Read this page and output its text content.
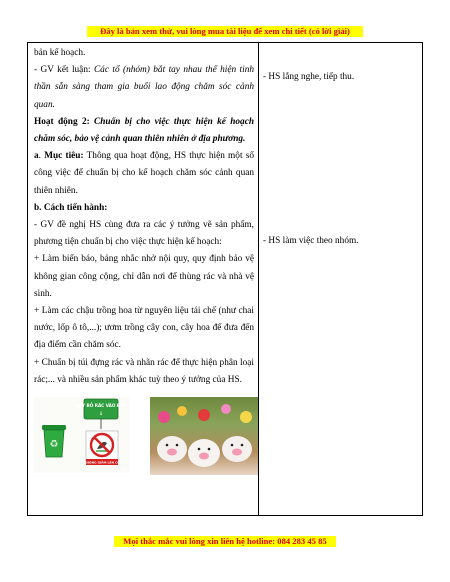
Đây là bản xem thử, vui lòng mua tài liệu để xem chi tiết (có lời giải)

bản kế hoạch.

- GV kết luận: Các tổ (nhóm) bắt tay nhau thể hiện tinh thần sẵn sàng tham gia buổi lao động chăm sóc cảnh quan.

Hoạt động 2: Chuẩn bị cho việc thực hiện kế hoạch chăm sóc, bảo vệ cảnh quan thiên nhiên ở địa phương.

a. Mục tiêu: Thông qua hoạt động, HS thực hiện một số công việc để chuẩn bị cho kế hoạch chăm sóc cảnh quan thiên nhiên.

b. Cách tiến hành:

- GV đề nghị HS cùng đưa ra các ý tưởng vẽ sản phẩm, phương tiện chuẩn bị cho việc thực hiện kế hoạch:

+ Làm biển báo, bảng nhắc nhở nội quy, quy định bảo vệ không gian công cộng, chỉ dẫn nơi để thùng rác và nhà vệ sinh.

+ Làm các chậu trồng hoa từ nguyên liệu tái chế (như chai nước, lốp ô tô,...); ươm trồng cây con, cây hoa để đưa đến địa điểm cần chăm sóc.

+ Chuẩn bị túi đựng rác và nhãn rác để thực hiện phân loại rác;... và nhiều sản phẩm khác tuỳ theo ý tưởng của HS.

HÃY BỎ RÁC VÀO ĐÂY
↓
♻
KHÔNG GIẪM LÊN CỎ
- HS lắng nghe, tiếp thu.
- HS làm việc theo nhóm.
Mọi thắc mắc vui lòng xin liên hệ hotline: 084 283 45 85
